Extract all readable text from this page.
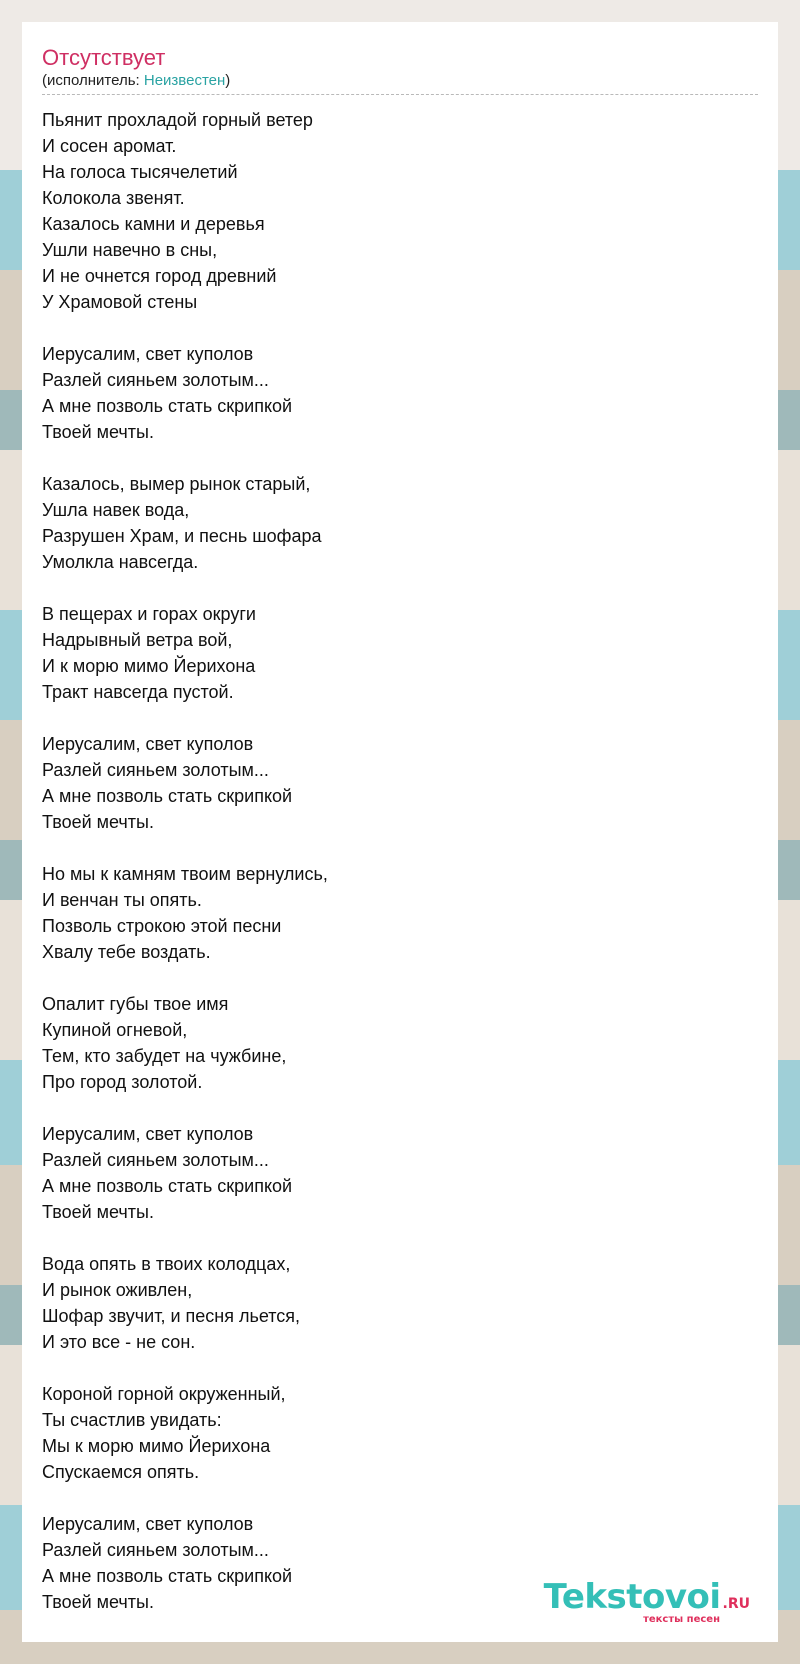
Отсутствует
(исполнитель: Неизвестен)
Пьянит прохладой горный ветер
И сосен аромат.
На голоса тысячелетий
Колокола звенят.
Казалось камни и деревья
Ушли навечно в сны,
И не очнется город древний
У Храмовой стены
Иерусалим, свет куполов
Разлей сияньем золотым...
А мне позволь стать скрипкой
Твоей мечты.
Казалось, вымер рынок старый,
Ушла навек вода,
Разрушен Храм, и песнь шофара
Умолкла навсегда.
В пещерах и горах округи
Надрывный ветра вой,
И к морю мимо Йерихона
Тракт навсегда пустой.
Иерусалим, свет куполов
Разлей сияньем золотым...
А мне позволь стать скрипкой
Твоей мечты.
Но мы к камням твоим вернулись,
И венчан ты опять.
Позволь строкою этой песни
Хвалу тебе воздать.
Опалит губы твое имя
Купиной огневой,
Тем, кто забудет на чужбине,
Про город золотой.
Иерусалим, свет куполов
Разлей сияньем золотым...
А мне позволь стать скрипкой
Твоей мечты.
Вода опять в твоих колодцах,
И рынок оживлен,
Шофар звучит, и песня льется,
И это все - не сон.
Короной горной окруженный,
Ты счастлив увидать:
Мы к морю мимо Йерихона
Спускаемся опять.
Иерусалим, свет куполов
Разлей сияньем золотым...
А мне позволь стать скрипкой
Твоей мечты.	Tekstovoi .RU
тексты песен
